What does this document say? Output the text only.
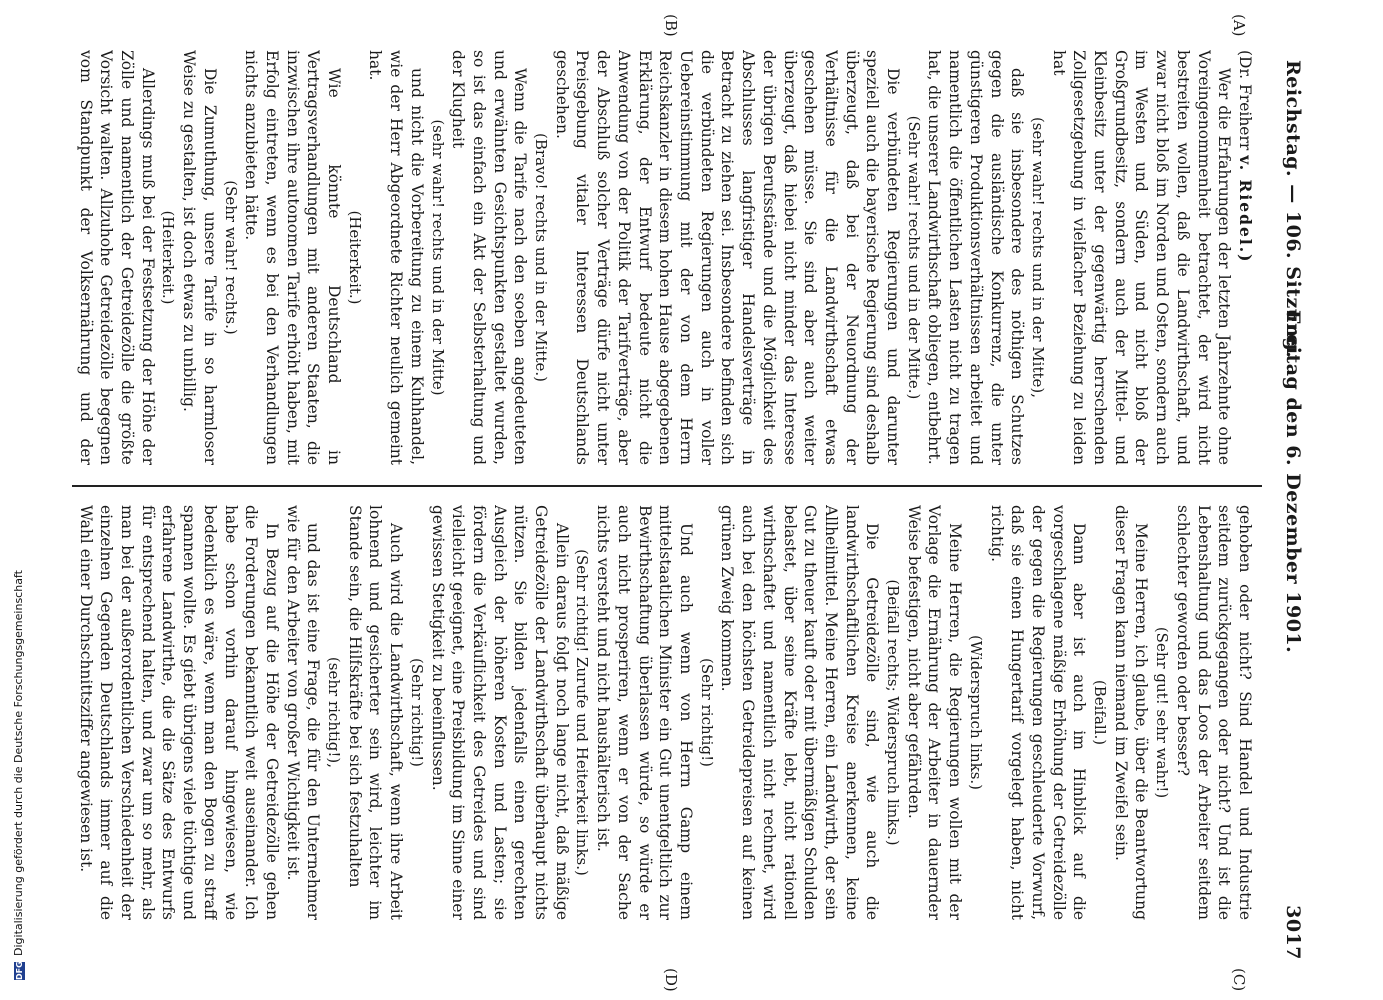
Reichstag. — 106. Sitzung.
Freitag den 6. Dezember 1901.
3017
(A)
(B)
(C)
(D)

(Dr. Freiherr v. Riedel.)

Wer die Erfahrungen der letzten Jahrzehnte ohne Voreingenommenheit betrachtet, der wird nicht bestreiten wollen, daß die Landwirthschaft, und zwar nicht bloß im Norden und Osten, sondern auch im Westen und Süden, und nicht bloß der Großgrundbesitz, sondern auch der Mittel- und Kleinbesitz unter der gegenwärtig herrschenden Zollgesetzgebung in vielfacher Beziehung zu leiden hat

(sehr wahr! rechts und in der Mitte),

daß sie insbesondere des nöthigen Schutzes gegen die ausländische Konkurrenz, die unter günstigeren Produktionsverhältnissen arbeitet und namentlich die öffentlichen Lasten nicht zu tragen hat, die unserer Landwirthschaft obliegen, entbehrt.

(Sehr wahr! rechts und in der Mitte.)

Die verbündeten Regierungen und darunter speziell auch die bayerische Regierung sind deshalb überzeugt, daß bei der Neuordnung der Verhältnisse für die Landwirthschaft etwas geschehen müsse. Sie sind aber auch weiter überzeugt, daß hiebei nicht minder das Interesse der übrigen Berufsstände und die Möglichkeit des Abschlusses langfristiger Handelsverträge in Betracht zu ziehen sei. Insbesondere befinden sich die verbündeten Regierungen auch in voller Uebereinstimmung mit der von dem Herrn Reichskanzler in diesem hohen Hause abgegebenen Erklärung, der Entwurf bedeute nicht die Anwendung von der Politik der Tarifverträge, aber der Abschluß solcher Verträge dürfe nicht unter Preisgebung vitaler Interessen Deutschlands geschehen.

(Bravo! rechts und in der Mitte.)

Wenn die Tarife nach den soeben angedeuteten und erwähnten Gesichtspunkten gestaltet wurden, so ist das einfach ein Akt der Selbsterhaltung und der Klugheit

(sehr wahr! rechts und in der Mitte)

und nicht die Vorbereitung zu einem Kuhhandel, wie der Herr Abgeordnete Richter neulich gemeint hat.

(Heiterkeit.)

Wie könnte Deutschland in Vertragsverhandlungen mit anderen Staaten, die inzwischen ihre autonomen Tarife erhöht haben, mit Erfolg eintreten, wenn es bei den Verhandlungen nichts anzubieten hätte.

(Sehr wahr! rechts.)

Die Zumuthung, unsere Tarife in so harmloser Weise zu gestalten, ist doch etwas zu unbillig.

(Heiterkeit.)

Allerdings muß bei der Festsetzung der Höhe der Zölle und namentlich der Getreidezölle die größte Vorsicht walten. Allzuhohe Getreidezölle begegnen vom Standpunkt der Volksernährung und der

gehoben oder nicht? Sind Handel und Industrie seitdem zurückgegangen oder nicht? Und ist die Lebenshaltung und das Loos der Arbeiter seitdem schlechter geworden oder besser?

(Sehr gut! sehr wahr!)

Meine Herren, ich glaube, über die Beantwortung dieser Fragen kann niemand im Zweifel sein.

(Beifall.)

Dann aber ist auch im Hinblick auf die vorgeschlagene mäßige Erhöhung der Getreidezölle der gegen die Regierungen geschleuderte Vorwurf, daß sie einen Hungertarif vorgelegt haben, nicht richtig.

(Widerspruch links.)

Meine Herren, die Regierungen wollen mit der Vorlage die Ernährung der Arbeiter in dauernder Weise befestigen, nicht aber gefährden.

(Beifall rechts; Widerspruch links.)

Die Getreidezölle sind, wie auch die landwirthschaftlichen Kreise anerkennen, keine Allheilmittel. Meine Herren, ein Landwirth, der sein Gut zu theuer kauft oder mit übermäßigen Schulden belastet, über seine Kräfte lebt, nicht rationell wirthschaftet und namentlich nicht rechnet, wird auch bei den höchsten Getreidepreisen auf keinen grünen Zweig kommen.

(Sehr richtig!)

Und auch wenn von Herrn Gamp einem mittelstaatlichen Minister ein Gut unentgeltlich zur Bewirthschaftung überlassen würde, so würde er auch nicht prosperiren, wenn er von der Sache nichts versteht und nicht haushälterisch ist.

(Sehr richtig! Zurufe und Heiterkeit links.)

Allein daraus folgt noch lange nicht, daß mäßige Getreidezölle der Landwirthschaft überhaupt nichts nützen. Sie bilden jedenfalls einen gerechten Ausgleich der höheren Kosten und Lasten; sie fördern die Verkäuflichkeit des Getreides und sind vielleicht geeignet, eine Preisbildung im Sinne einer gewissen Stetigkeit zu beeinflussen.

(Sehr richtig!)

Auch wird die Landwirthschaft, wenn ihre Arbeit lohnend und gesicherter sein wird, leichter im Stande sein, die Hilfskräfte bei sich festzuhalten

(sehr richtig!),

und das ist eine Frage, die für den Unternehmer wie für den Arbeiter von großer Wichtigkeit ist.

In Bezug auf die Höhe der Getreidezölle gehen die Forderungen bekanntlich weit auseinander. Ich habe schon vorhin darauf hingewiesen, wie bedenklich es wäre, wenn man den Bogen zu straff spannen wollte. Es giebt übrigens viele tüchtige und erfahrene Landwirthe, die die Sätze des Entwurfs für entsprechend halten, und zwar um so mehr, als man bei der außerordentlichen Verschiedenheit der einzelnen Gegenden Deutschlands immer auf die Wahl einer Durchschnittsziffer angewiesen ist.

DFGDigitalisierung gefördert durch die Deutsche Forschungsgemeinschaft
